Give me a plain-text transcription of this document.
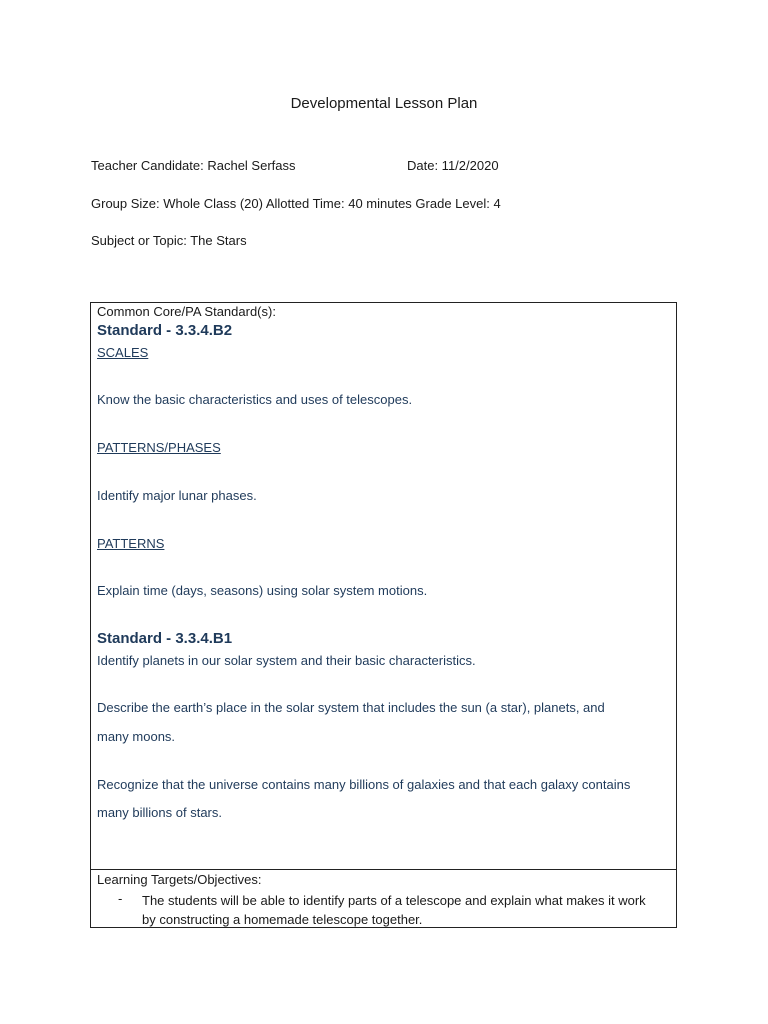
Developmental Lesson Plan
Teacher Candidate: Rachel Serfass	Date: 11/2/2020
Group Size: Whole Class (20) Allotted Time: 40 minutes Grade Level: 4
Subject or Topic: The Stars
Common Core/PA Standard(s):
Standard - 3.3.4.B2
SCALES
Know the basic characteristics and uses of telescopes.
PATTERNS/PHASES
Identify major lunar phases.
PATTERNS
Explain time (days, seasons) using solar system motions.
Standard - 3.3.4.B1
Identify planets in our solar system and their basic characteristics.
Describe the earth’s place in the solar system that includes the sun (a star), planets, and
many moons.
Recognize that the universe contains many billions of galaxies and that each galaxy contains
many billions of stars.
Learning Targets/Objectives:
- The students will be able to identify parts of a telescope and explain what makes it work by constructing a homemade telescope together.
